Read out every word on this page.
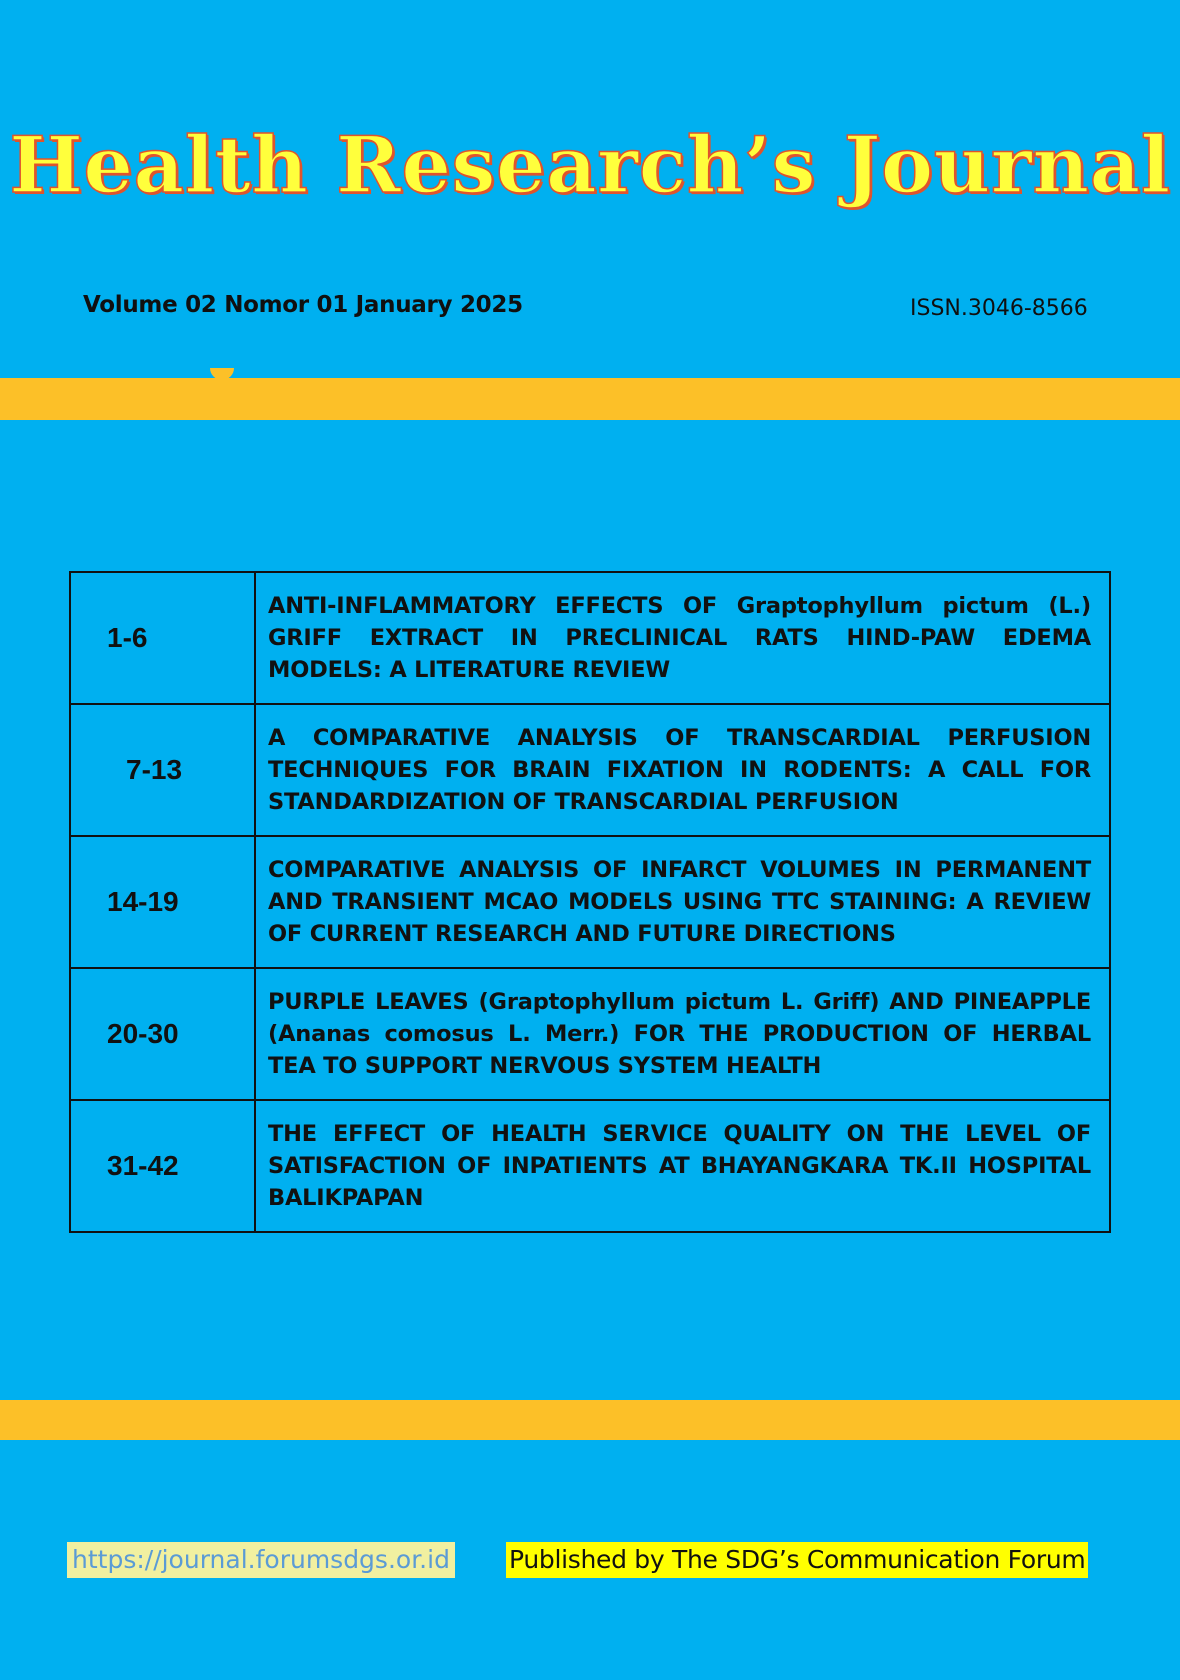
Health Research’s Journal
Volume 02 Nomor 01 January 2025	ISSN.3046-8566
1-6	ANTI-INFLAMMATORY EFFECTS OF Graptophyllum pictum (L.) GRIFF EXTRACT IN PRECLINICAL RATS HIND-PAW EDEMA MODELS: A LITERATURE REVIEW

7-13	A COMPARATIVE ANALYSIS OF TRANSCARDIAL PERFUSION TECHNIQUES FOR BRAIN FIXATION IN RODENTS: A CALL FOR STANDARDIZATION OF TRANSCARDIAL PERFUSION

14-19	COMPARATIVE ANALYSIS OF INFARCT VOLUMES IN PERMANENT AND TRANSIENT MCAO MODELS USING TTC STAINING: A REVIEW OF CURRENT RESEARCH AND FUTURE DIRECTIONS

20-30	PURPLE LEAVES (Graptophyllum pictum L. Griff) AND PINEAPPLE (Ananas comosus L. Merr.) FOR THE PRODUCTION OF HERBAL TEA TO SUPPORT NERVOUS SYSTEM HEALTH

31-42	THE EFFECT OF HEALTH SERVICE QUALITY ON THE LEVEL OF SATISFACTION OF INPATIENTS AT BHAYANGKARA TK.II HOSPITAL BALIKPAPAN
https://journal.forumsdgs.or.id Published by The SDG’s Communication Forum
